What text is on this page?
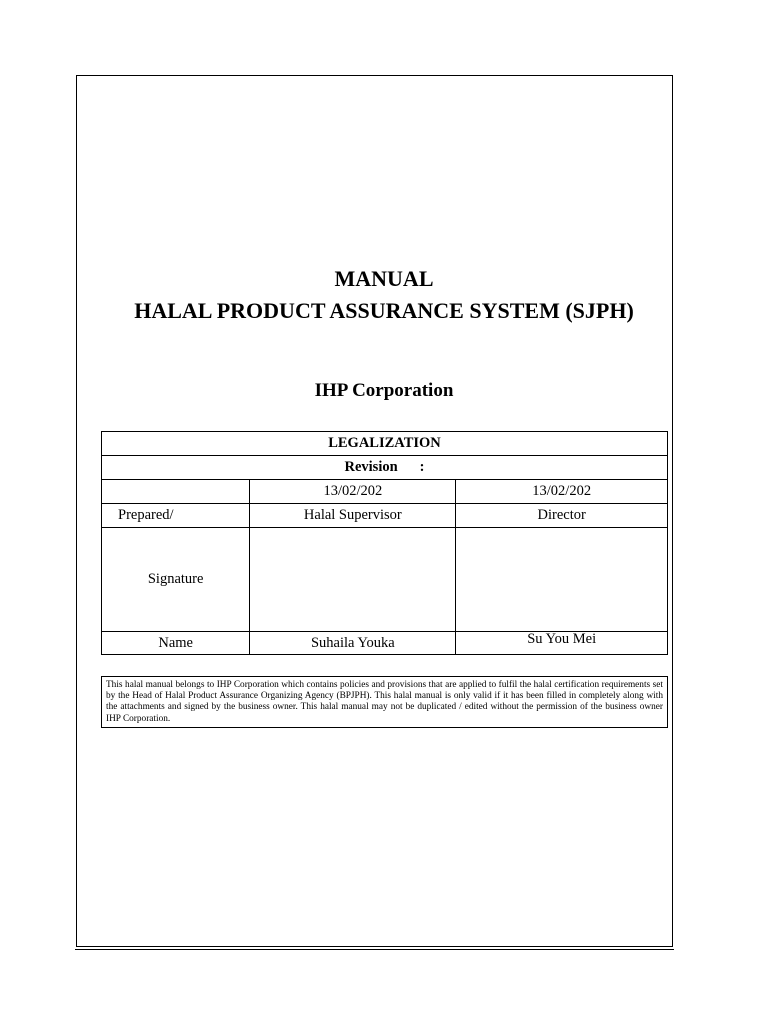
MANUAL
HALAL PRODUCT ASSURANCE SYSTEM (SJPH)
IHP Corporation
LEGALIZATION		
Revision :		
	13/02/202	13/02/202
Prepared/	Halal Supervisor	Director
Signature		
Name	Suhaila Youka	Su You Mei
This halal manual belongs to IHP Corporation which contains policies and provisions that are applied to fulfil the halal certification requirements set by the Head of Halal Product Assurance Organizing Agency (BPJPH). This halal manual is only valid if it has been filled in completely along with the attachments and signed by the business owner. This halal manual may not be duplicated / edited without the permission of the business owner IHP Corporation.
